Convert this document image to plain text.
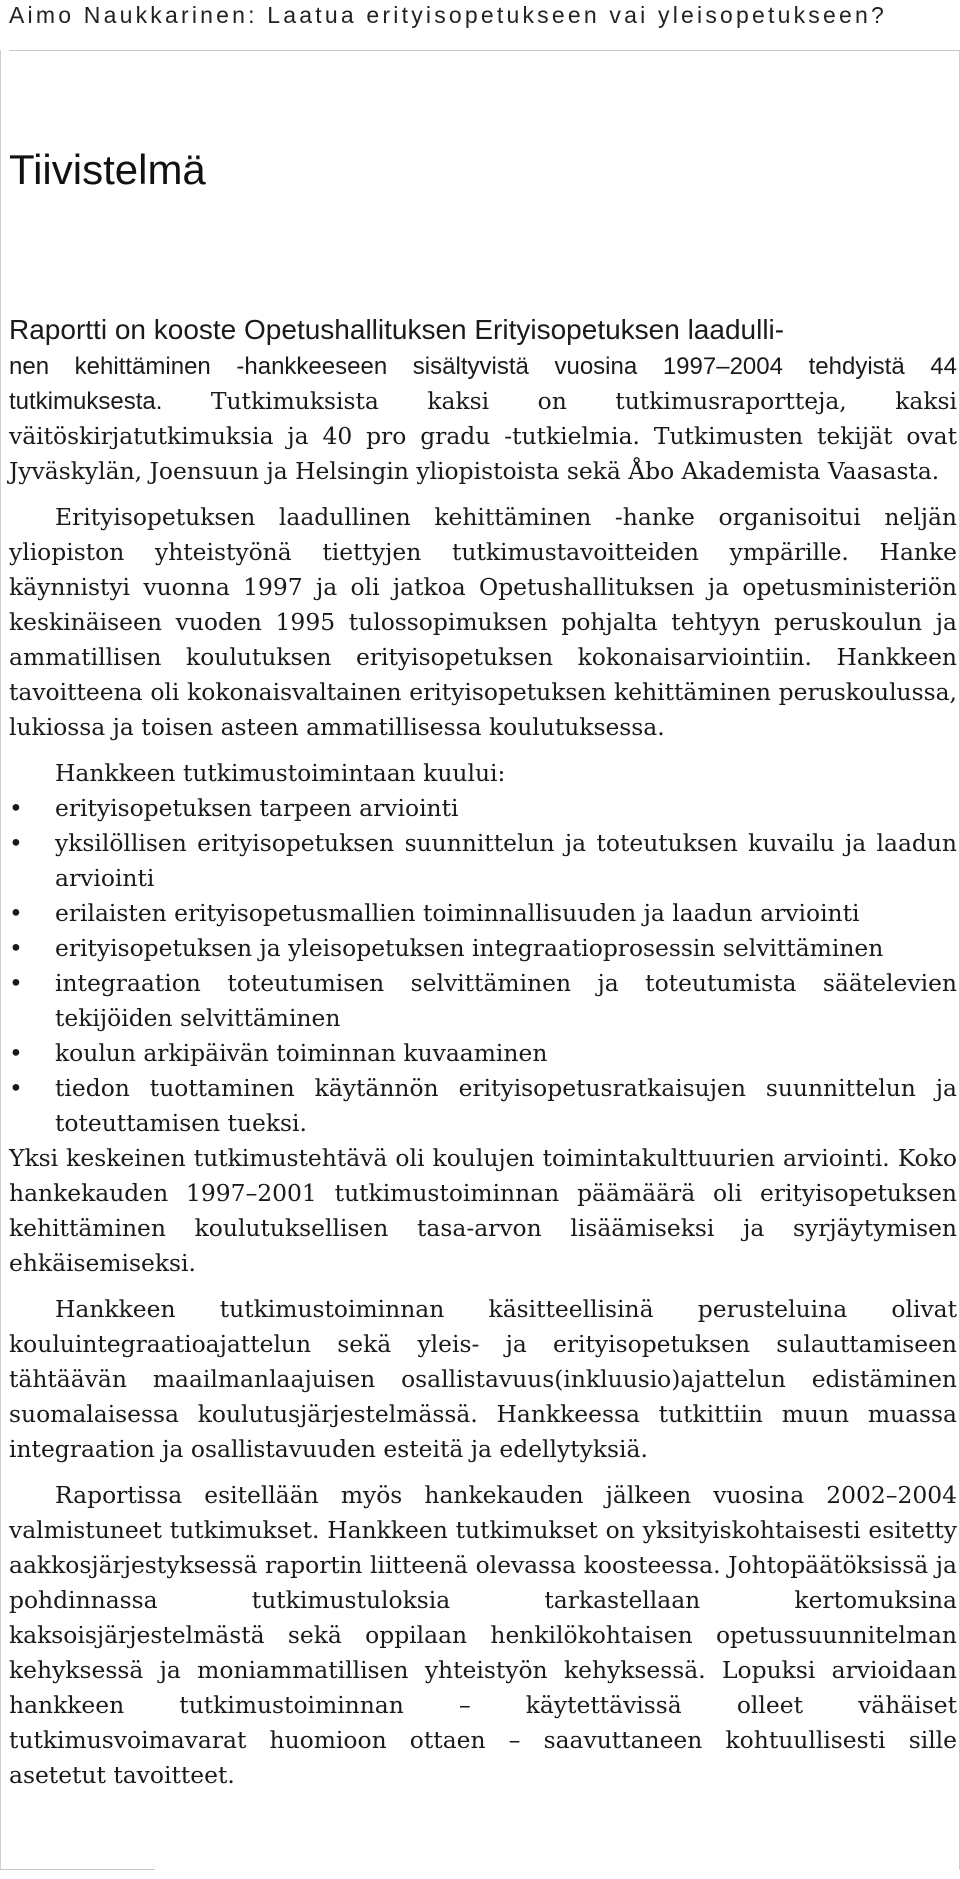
Aimo Naukkarinen: Laatua erityisopetukseen vai yleisopetukseen?
Tiivistelmä

Raportti on kooste Opetushallituksen Erityisopetuksen laadulli-
nen kehittäminen -hankkeeseen sisältyvistä vuosina 1997–2004 tehdyistä 44 tutkimuksesta. Tutkimuksista kaksi on tutkimusraportteja, kaksi väitöskirjatutkimuksia ja 40 pro gradu -tutkielmia. Tutkimusten tekijät ovat Jyväskylän, Joensuun ja Helsingin yliopistoista sekä Åbo Akademista Vaasasta.

Erityisopetuksen laadullinen kehittäminen -hanke organisoitui neljän yliopiston yhteistyönä tiettyjen tutkimustavoitteiden ympärille. Hanke käynnistyi vuonna 1997 ja oli jatkoa Opetushallituksen ja opetusministeriön keskinäiseen vuoden 1995 tulossopimuksen pohjalta tehtyyn peruskoulun ja ammatillisen koulutuksen erityisopetuksen kokonaisarviointiin. Hankkeen tavoitteena oli kokonaisvaltainen erityisopetuksen kehittäminen peruskoulussa, lukiossa ja toisen asteen ammatillisessa koulutuksessa.

Hankkeen tutkimustoimintaan kuului:

• erityisopetuksen tarpeen arviointi
• yksilöllisen erityisopetuksen suunnittelun ja toteutuksen kuvailu ja laadun arviointi
• erilaisten erityisopetusmallien toiminnallisuuden ja laadun arviointi
• erityisopetuksen ja yleisopetuksen integraatioprosessin selvittäminen
• integraation toteutumisen selvittäminen ja toteutumista säätelevien tekijöiden selvittäminen
• koulun arkipäivän toiminnan kuvaaminen
• tiedon tuottaminen käytännön erityisopetusratkaisujen suunnittelun ja toteuttamisen tueksi.

Yksi keskeinen tutkimustehtävä oli koulujen toimintakulttuurien arviointi. Koko hankekauden 1997–2001 tutkimustoiminnan päämäärä oli erityisopetuksen kehittäminen koulutuksellisen tasa-arvon lisäämiseksi ja syrjäytymisen ehkäisemiseksi.

Hankkeen tutkimustoiminnan käsitteellisinä perusteluina olivat kouluintegraatioajattelun sekä yleis- ja erityisopetuksen sulauttamiseen tähtäävän maailmanlaajuisen osallistavuus(inkluusio)ajattelun edistäminen suomalaisessa koulutusjärjestelmässä. Hankkeessa tutkittiin muun muassa integraation ja osallistavuuden esteitä ja edellytyksiä.

Raportissa esitellään myös hankekauden jälkeen vuosina 2002–2004 valmistuneet tutkimukset. Hankkeen tutkimukset on yksityiskohtaisesti esitetty aakkosjärjestyksessä raportin liitteenä olevassa koosteessa. Johtopäätöksissä ja pohdinnassa tutkimustuloksia tarkastellaan kertomuksina kaksoisjärjestelmästä sekä oppilaan henkilökohtaisen opetussuunnitelman kehyksessä ja moniammatillisen yhteistyön kehyksessä. Lopuksi arvioidaan hankkeen tutkimustoiminnan – käytettävissä olleet vähäiset tutkimusvoimavarat huomioon ottaen – saavuttaneen kohtuullisesti sille asetetut tavoitteet.
